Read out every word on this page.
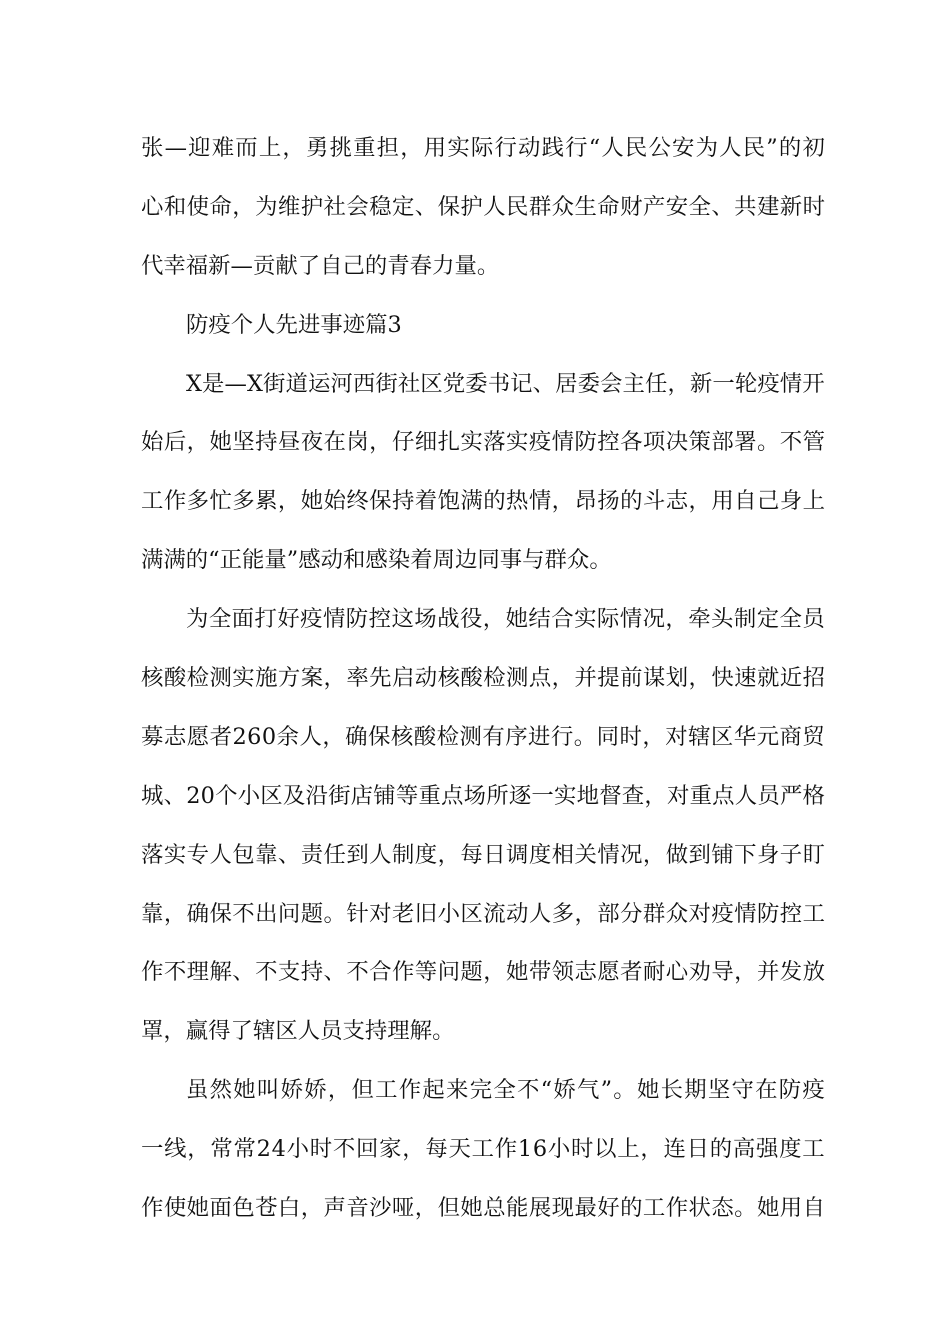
张 — 迎 难 而 上 ， 勇 挑 重 担 ， 用 实 际 行 动 践 行 “ 人 民 公 安 为 人 民 ” 的 初
心 和 使 命 ， 为 维 护 社 会 稳 定 、 保 护 人 民 群 众 生 命 财 产 安 全 、 共 建 新 时
代幸福新—贡献了自己的青春力量。
防疫个人先进事迹篇3
X 是 — X 街 道 运 河 西 街 社 区 党 委 书 记 、 居 委 会 主 任 ， 新 一 轮 疫 情 开
始 后 ， 她 坚 持 昼 夜 在 岗 ， 仔 细 扎 实 落 实 疫 情 防 控 各 项 决 策 部 署 。 不 管
工 作 多 忙 多 累 ， 她 始 终 保 持 着 饱 满 的 热 情 ， 昂 扬 的 斗 志 ， 用 自 己 身 上
满满的“正能量”感动和感染着周边同事与群众。
为 全 面 打 好 疫 情 防 控 这 场 战 役 ， 她 结 合 实 际 情 况 ， 牵 头 制 定 全 员
核 酸 检 测 实 施 方 案 ， 率 先 启 动 核 酸 检 测 点 ， 并 提 前 谋 划 ， 快 速 就 近 招
募 志 愿 者 2 6 0 余 人 ， 确 保 核 酸 检 测 有 序 进 行 。 同 时 ， 对 辖 区 华 元 商 贸
城 、 2 0 个 小 区 及 沿 街 店 铺 等 重 点 场 所 逐 一 实 地 督 查 ， 对 重 点 人 员 严 格
落 实 专 人 包 靠 、 责 任 到 人 制 度 ， 每 日 调 度 相 关 情 况 ， 做 到 铺 下 身 子 盯
靠 ， 确 保 不 出 问 题 。 针 对 老 旧 小 区 流 动 人 多 ， 部 分 群 众 对 疫 情 防 控 工
作 不 理 解 、 不 支 持 、 不 合 作 等 问 题 ， 她 带 领 志 愿 者 耐 心 劝 导 ， 并 发 放
罩，赢得了辖区人员支持理解。
虽 然 她 叫 娇 娇 ， 但 工 作 起 来 完 全 不 “ 娇 气 ” 。 她 长 期 坚 守 在 防 疫
一 线 ， 常 常 2 4 小 时 不 回 家 ， 每 天 工 作 1 6 小 时 以 上 ， 连 日 的 高 强 度 工
作 使 她 面 色 苍 白 ， 声 音 沙 哑 ， 但 她 总 能 展 现 最 好 的 工 作 状 态 。 她 用 自
